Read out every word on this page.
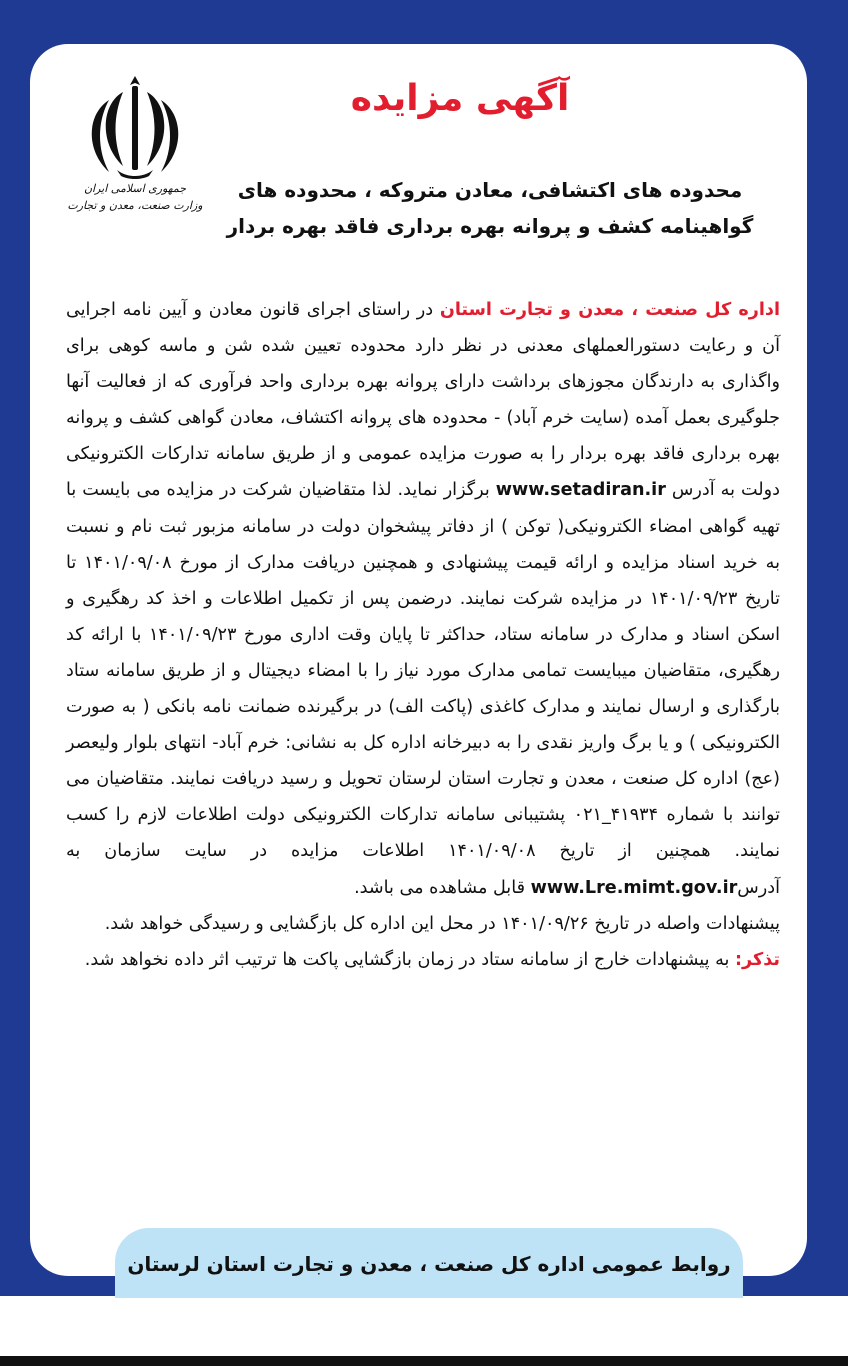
جمهوری اسلامی ایران
وزارت صنعت، معدن و تجارت
آگهی مزایده
محدوده های اکتشافی، معادن متروکه ، محدوده های
گواهینامه کشف و پروانه بهره برداری فاقد بهره بردار

اداره کل صنعت ، معدن و تجارت استان در راستای اجرای قانون معادن و آیین نامه اجرایی آن و رعایت دستورالعملهای معدنی در نظر دارد محدوده تعیین شده شن و ماسه کوهی برای واگذاری به دارندگان مجوزهای برداشت دارای پروانه بهره برداری واحد فرآوری که از فعالیت آنها جلوگیری بعمل آمده (سایت خرم آباد) - محدوده های پروانه اکتشاف، معادن گواهی کشف و پروانه بهره برداری فاقد بهره بردار را به صورت مزایده عمومی و از طریق سامانه تدارکات الکترونیکی دولت به آدرس www.setadiran.ir برگزار نماید. لذا متقاضیان شرکت در مزایده می بایست با تهیه گواهی امضاء الکترونیکی( توکن ) از دفاتر پیشخوان دولت در سامانه مزبور ثبت نام و نسبت به خرید اسناد مزایده و ارائه قیمت پیشنهادی و همچنین دریافت مدارک از مورخ ۱۴۰۱/۰۹/۰۸ تا تاریخ ۱۴۰۱/۰۹/۲۳ در مزایده شرکت نمایند. درضمن پس از تکمیل اطلاعات و اخذ کد رهگیری و اسکن اسناد و مدارک در سامانه ستاد، حداکثر تا پایان وقت اداری مورخ ۱۴۰۱/۰۹/۲۳ با ارائه کد رهگیری، متقاضیان میبایست تمامی مدارک مورد نیاز را با امضاء دیجیتال و از طریق سامانه ستاد بارگذاری و ارسال نمایند و مدارک کاغذی (پاکت الف) در برگیرنده ضمانت نامه بانکی ( به صورت الکترونیکی ) و یا برگ واریز نقدی را به دبیرخانه اداره کل به نشانی: خرم آباد- انتهای بلوار ولیعصر (عج) اداره کل صنعت ، معدن و تجارت استان لرستان تحویل و رسید دریافت نمایند. متقاضیان می توانند با شماره ۴۱۹۳۴_۰۲۱ پشتیبانی سامانه تدارکات الکترونیکی دولت اطلاعات لازم را کسب نمایند. همچنین از تاریخ ۱۴۰۱/۰۹/۰۸ اطلاعات مزایده در سایت سازمان به آدرسwww.Lre.mimt.gov.ir قابل مشاهده می باشد.

پیشنهادات واصله در تاریخ ۱۴۰۱/۰۹/۲۶ در محل این اداره کل بازگشایی و رسیدگی خواهد شد.

تذکر: به پیشنهادات خارج از سامانه ستاد در زمان بازگشایی پاکت ها ترتیب اثر داده نخواهد شد.

روابط عمومی اداره کل صنعت ، معدن و تجارت استان لرستان
